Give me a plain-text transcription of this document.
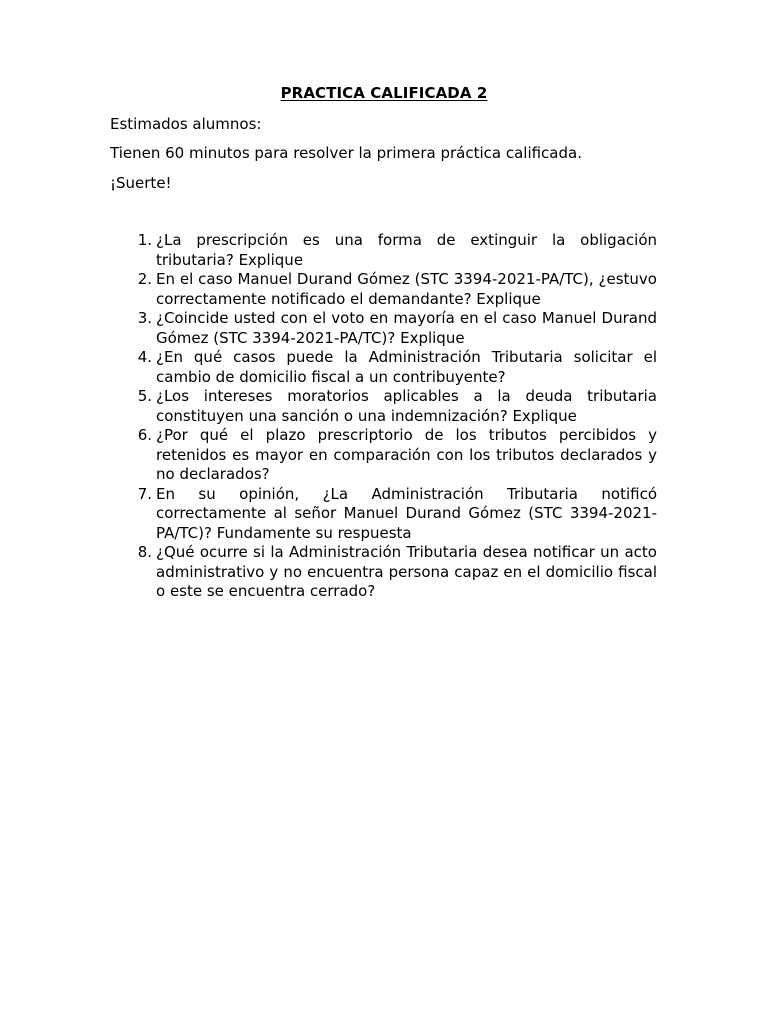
PRACTICA CALIFICADA 2
Estimados alumnos:
Tienen 60 minutos para resolver la primera práctica calificada.
¡Suerte!
1. ¿La prescripción es una forma de extinguir la obligación tributaria? Explique
2. En el caso Manuel Durand Gómez (STC 3394-2021-PA/TC), ¿estuvo correctamente notificado el demandante? Explique
3. ¿Coincide usted con el voto en mayoría en el caso Manuel Durand Gómez (STC 3394-2021-PA/TC)? Explique
4. ¿En qué casos puede la Administración Tributaria solicitar el cambio de domicilio fiscal a un contribuyente?
5. ¿Los intereses moratorios aplicables a la deuda tributaria constituyen una sanción o una indemnización? Explique
6. ¿Por qué el plazo prescriptorio de los tributos percibidos y retenidos es mayor en comparación con los tributos declarados y no declarados?
7. En su opinión, ¿La Administración Tributaria notificó correctamente al señor Manuel Durand Gómez (STC 3394-2021-PA/TC)? Fundamente su respuesta
8. ¿Qué ocurre si la Administración Tributaria desea notificar un acto administrativo y no encuentra persona capaz en el domicilio fiscal o este se encuentra cerrado?
